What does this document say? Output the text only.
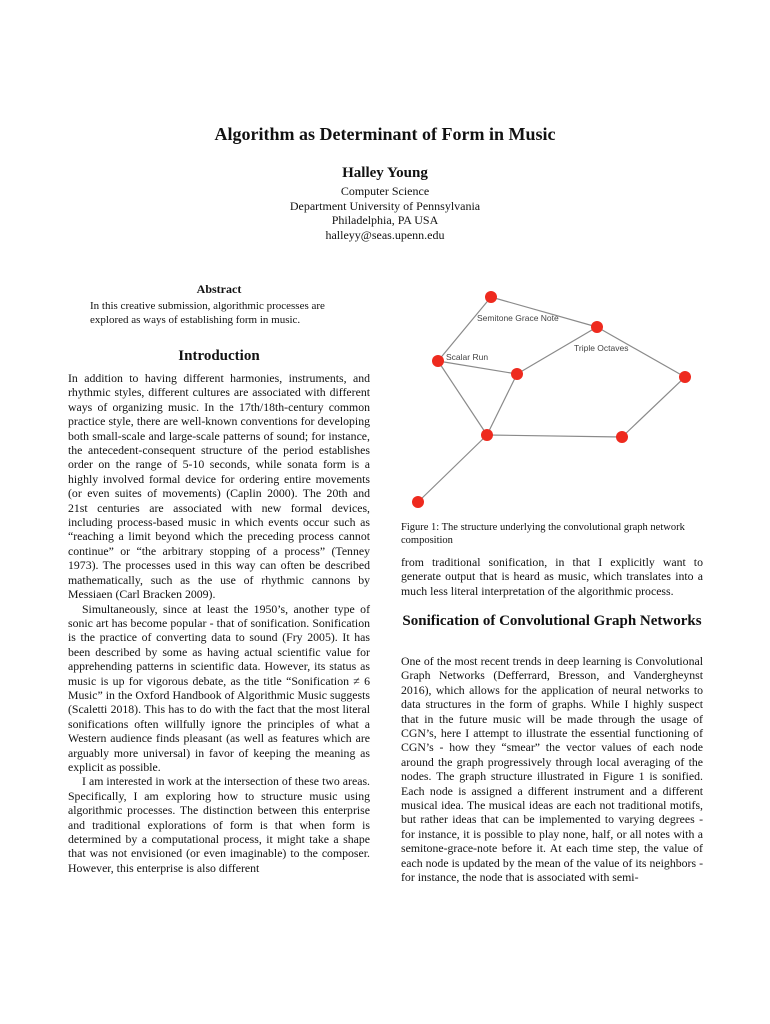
Algorithm as Determinant of Form in Music
Halley Young
Computer Science
Department University of Pennsylvania
Philadelphia, PA USA
halleyy@seas.upenn.edu
Abstract
In this creative submission, algorithmic processes are explored as ways of establishing form in music.
Introduction

In addition to having different harmonies, instruments, and rhythmic styles, different cultures are associated with different ways of organizing music. In the 17th/18th-century common practice style, there are well-known conventions for developing both small-scale and large-scale patterns of sound; for instance, the antecedent-consequent structure of the period establishes order on the range of 5-10 seconds, while sonata form is a highly involved formal device for ordering entire movements (or even suites of movements) (Caplin 2000). The 20th and 21st centuries are associated with new formal devices, including process-based music in which events occur such as “reaching a limit beyond which the preceding process cannot continue” or “the arbitrary stopping of a process” (Tenney 1973). The processes used in this way can often be described mathematically, such as the use of rhythmic cannons by Messiaen (Carl Bracken 2009).

Simultaneously, since at least the 1950’s, another type of sonic art has become popular - that of sonification. Sonification is the practice of converting data to sound (Fry 2005). It has been described by some as having actual scientific value for apprehending patterns in scientific data. However, its status as music is up for vigorous debate, as the title “Sonification ≠ 6 Music” in the Oxford Handbook of Algorithmic Music suggests (Scaletti 2018). This has to do with the fact that the most literal sonifications often willfully ignore the principles of what a Western audience finds pleasant (as well as features which are arguably more universal) in favor of keeping the meaning as explicit as possible.

I am interested in work at the intersection of these two areas. Specifically, I am exploring how to structure music using algorithmic processes. The distinction between this enterprise and traditional explorations of form is that when form is determined by a computational process, it might take a shape that was not envisioned (or even imaginable) to the composer. However, this enterprise is also different

Semitone Grace Note
Triple Octaves
Scalar Run
Figure 1: The structure underlying the convolutional graph network composition
from traditional sonification, in that I explicitly want to generate output that is heard as music, which translates into a much less literal interpretation of the algorithmic process.
Sonification of Convolutional Graph Networks
One of the most recent trends in deep learning is Convolutional Graph Networks (Defferrard, Bresson, and Vandergheynst 2016), which allows for the application of neural networks to data structures in the form of graphs. While I highly suspect that in the future music will be made through the usage of CGN’s, here I attempt to illustrate the essential functioning of CGN’s - how they “smear” the vector values of each node around the graph progressively through local averaging of the nodes. The graph structure illustrated in Figure 1 is sonified. Each node is assigned a different instrument and a different musical idea. The musical ideas are each not traditional motifs, but rather ideas that can be implemented to varying degrees - for instance, it is possible to play none, half, or all notes with a semitone-grace-note before it. At each time step, the value of each node is updated by the mean of the value of its neighbors - for instance, the node that is associated with semi-
